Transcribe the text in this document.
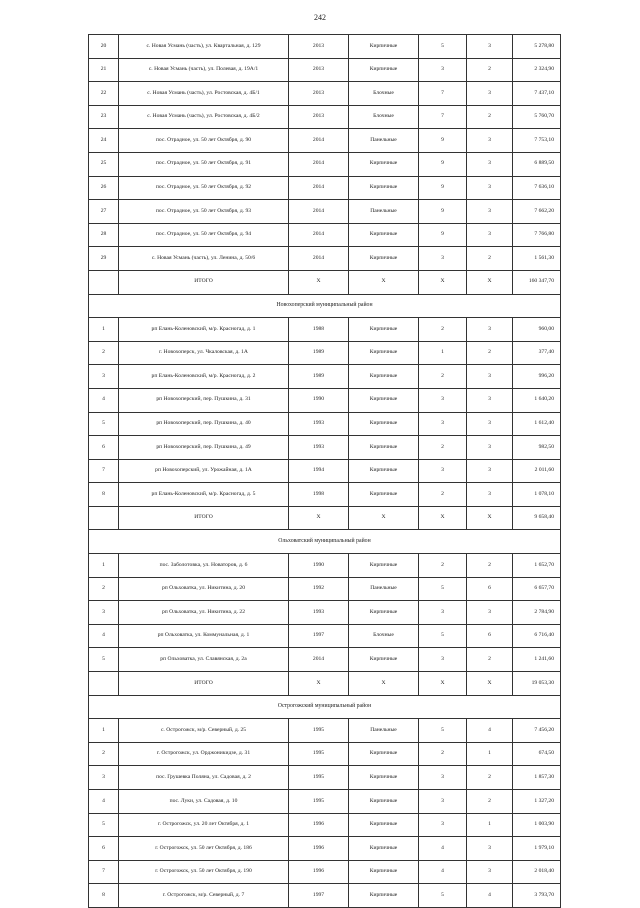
242
20	с. Новая Усмань (часть), ул. Квартальная, д. 129	2013	Кирпичные	5	3	5 278,80
21	с. Новая Усмань (часть), ул. Полевая, д. 19А/1	2013	Кирпичные	3	2	2 324,90
22	с. Новая Усмань (часть), ул. Ростовская, д. 4Б/1	2013	Блочные	7	3	7 437,10
23	с. Новая Усмань (часть), ул. Ростовская, д. 4Б/2	2013	Блочные	7	2	5 760,70
24	пос. Отрадное, ул. 50 лет Октября, д. 90	2014	Панельные	9	3	7 753,10
25	пос. Отрадное, ул. 50 лет Октября, д. 91	2014	Кирпичные	9	3	6 889,50
26	пос. Отрадное, ул. 50 лет Октября, д. 92	2014	Кирпичные	9	3	7 636,10
27	пос. Отрадное, ул. 50 лет Октября, д. 93	2014	Панельные	9	3	7 662,20
28	пос. Отрадное, ул. 50 лет Октября, д. 94	2014	Кирпичные	9	3	7 766,80
29	с. Новая Усмань (часть), ул. Ленина, д. 50/6	2014	Кирпичные	3	2	1 561,30
	ИТОГО	Х	Х	Х	Х	160 347,70
Новохоперский муниципальный район						
1	рп Елань-Коленовский, м/р. Красногад, д. 1	1988	Кирпичные	2	3	960,00
2	г. Новохоперск, ул. Чкаловская, д. 1А	1989	Кирпичные	1	2	377,40
3	рп Елань-Коленовский, м/р. Красногад, д. 2	1989	Кирпичные	2	3	996,20
4	рп Новохоперский, пер. Пушкина, д. 31	1990	Кирпичные	3	3	1 640,20
5	рп Новохоперский, пер. Пушкина, д. 40	1993	Кирпичные	3	3	1 612,40
6	рп Новохоперский, пер. Пушкина, д. 49	1993	Кирпичные	2	3	982,50
7	рп Новохоперский, ул. Урожайная, д. 1А	1994	Кирпичные	3	3	2 011,60
8	рп Елань-Коленовский, м/р. Красногад, д. 5	1998	Кирпичные	2	3	1 078,10
	ИТОГО	Х	Х	Х	Х	9 658,40
Ольховатский муниципальный район						
1	пос. Заболотовка, ул. Новаторов, д. 6	1990	Кирпичные	2	2	1 652,70
2	рп Ольховатка, ул. Никитина, д. 20	1992	Панельные	5	6	6 657,70
3	рп Ольховатка, ул. Никитина, д. 22	1993	Кирпичные	3	3	2 784,90
4	рп Ольховатка, ул. Коммунальная, д. 1	1997	Блочные	5	6	6 716,40
5	рп Ольховатка, ул. Славянская, д. 2а	2014	Кирпичные	3	2	1 241,60
	ИТОГО	Х	Х	Х	Х	19 053,30
Острогожский муниципальный район						
1	с. Острогожск, м/р. Северный, д. 25	1995	Панельные	5	4	7 456,20
2	г. Острогожск, ул. Орджоникидзе, д. 31	1995	Кирпичные	2	1	674,50
3	пос. Грушевка Поляна, ул. Садовая, д. 2	1995	Кирпичные	3	2	1 857,30
4	пос. Луки, ул. Садовая, д. 10	1995	Кирпичные	3	2	1 327,20
5	г. Острогожск, ул. 20 лет Октября, д. 1	1996	Кирпичные	3	1	1 003,90
6	г. Острогожск, ул. 50 лет Октября, д. 186	1996	Кирпичные	4	3	1 979,10
7	г. Острогожск, ул. 50 лет Октября, д. 190	1996	Кирпичные	4	3	2 018,40
8	г. Острогожск, м/р. Северный, д. 7	1997	Кирпичные	5	4	3 793,70
